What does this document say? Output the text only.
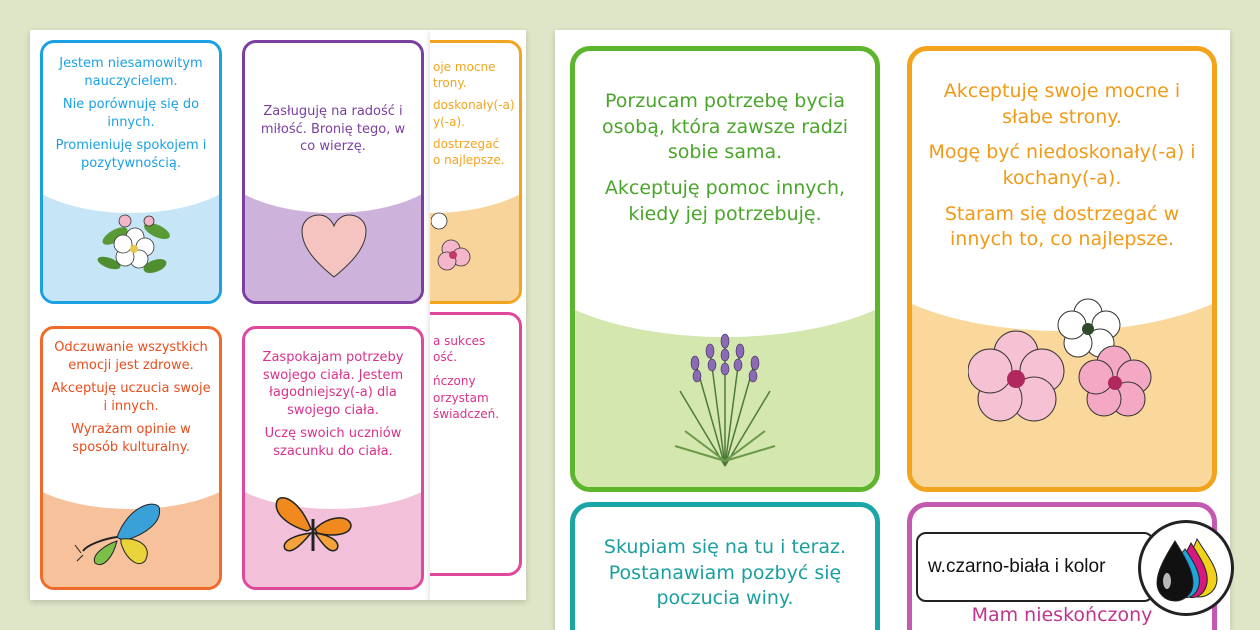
Jestem niesamowitym nauczycielem.

Nie porównuję się do innych.

Promieniuję spokojem i pozytywnością.

Zasługuję na radość i miłość. Bronię tego, w co wierzę.

Odczuwanie wszystkich emocji jest zdrowe.

Akceptuję uczucia swoje i innych.

Wyrażam opinie w sposób kulturalny.

Zaspokajam potrzeby swojego ciała. Jestem łagodniejszy(-a) dla swojego ciała.

Uczę swoich uczniów szacunku do ciała.

oje mocne

trony.

doskonały(-a)

y(-a).

dostrzegać

o najlepsze.

a sukces

ość.

ńczony

orzystam

świadczeń.

Porzucam potrzebę bycia osobą, która zawsze radzi sobie sama.

Akceptuję pomoc innych, kiedy jej potrzebuję.

Akceptuję swoje mocne i słabe strony.

Mogę być niedoskonały(-a) i kochany(-a).

Staram się dostrzegać w innych to, co najlepsze.

Skupiam się na tu i teraz. Postanawiam pozbyć się poczucia winy.

Mam nieskończony

w.czarno-biała i kolor
